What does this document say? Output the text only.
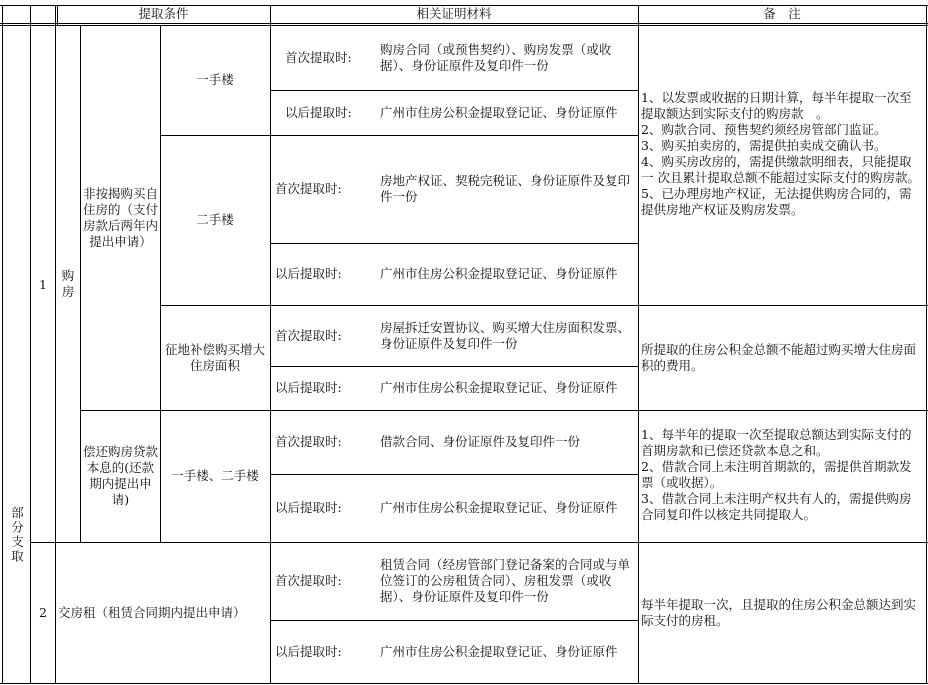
提取条件	相关证明材料	备　注
部分支取
1
2
购房
交房租（租赁合同期内提出申请）
非按揭购买自住房的（支付房款后两年内提出申请）
偿还购房贷款本息的(还款期内提出申请)
一手楼
二手楼
征地补偿购买增大住房面积
一手楼、二手楼
首次提取时:
以后提取时:
首次提取时:
以后提取时:
首次提取时:
以后提取时:
首次提取时:
以后提取时:
首次提取时:
以后提取时:
购房合同（或预售契约）、购房发票（或收据）、身份证原件及复印件一份
广州市住房公积金提取登记证、身份证原件
房地产权证、契税完税证、身份证原件及复印件一份
广州市住房公积金提取登记证、身份证原件
房屋拆迁安置协议、购买增大住房面积发票、身份证原件及复印件一份
广州市住房公积金提取登记证、身份证原件
借款合同、身份证原件及复印件一份
广州市住房公积金提取登记证、身份证原件
租赁合同（经房管部门登记备案的合同或与单位签订的公房租赁合同）、房租发票（或收据）、身份证原件及复印件一份
广州市住房公积金提取登记证、身份证原件
1、以发票或收据的日期计算，每半年提取一次至提取额达到实际支付的购房款　。
2、购款合同、预售契约须经房管部门监证。
3、购买拍卖房的，需提供拍卖成交确认书。
4、购买房改房的，需提供缴款明细表，只能提取一 次且累计提取总额不能超过实际支付的购房款。
5、已办理房地产权证，无法提供购房合同的，需提供房地产权证及购房发票。
所提取的住房公积金总额不能超过购买增大住房面积的费用。
1、每半年的提取一次至提取总额达到实际支付的首期房款和已偿还贷款本息之和。
2、借款合同上未注明首期款的，需提供首期款发票（或收据）。
3、借款合同上未注明产权共有人的，需提供购房合同复印件以核定共同提取人。
每半年提取一次，且提取的住房公积金总额达到实际支付的房租。
